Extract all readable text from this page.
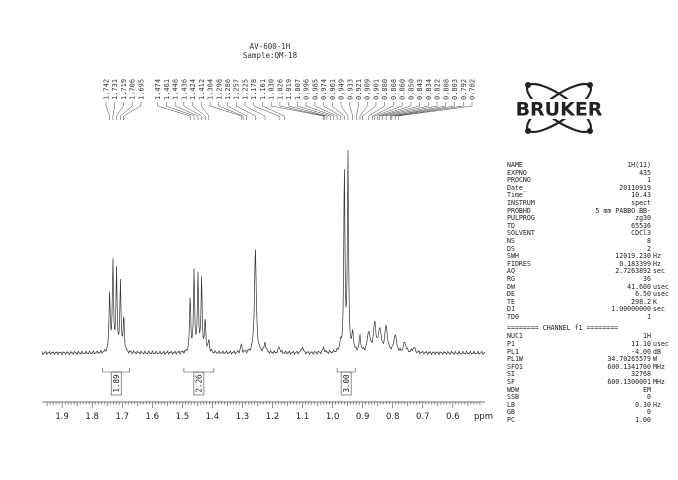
AV-600-1H
Sample:QM-18
1.9 1.8 1.7 1.6 1.5 1.4 1.3 1.2 1.1 1.0 0.9 0.8 0.7 0.6 ppm
1.742 1.731 1.719 1.706 1.695 1.474 1.461 1.448 1.436 1.424 1.412 1.304 1.298 1.286 1.257 1.225 1.178 1.161 1.030 1.026 1.019 1.007 0.996 0.985 0.974 0.961 0.949 0.933 0.921 0.909 0.901 0.880 0.868 0.860 0.850 0.843 0.834 0.822 0.808 0.803 0.792 0.782
1.89	2.26	3.00
BRUKER
NAME	1H(11)
EXPNO	435
PROCNO	1
Date_	20110919
Time	10.43
INSTRUM	spect
PROBHD	5 mm PABBO BB-
PULPROG	zg30
TD	65536
SOLVENT	CDCl3
NS	8
DS	2
SWH	12019.230 Hz
FIDRES	0.183399 Hz
AQ	2.7263892 sec
RG	36
DW	41.600 usec
DE	6.50 usec
TE	298.2 K
D1	1.00000000 sec
TD0	1
======== CHANNEL f1 ========
NUC1	1H
P1	11.10 usec
PL1	-4.00 dB
PL1W	34.70265579 W
SFO1	600.1341700 MHz
SI	32768
SF	600.1300001 MHz
WDW	EM
SSB	0
LB	0.30 Hz
GB	0
PC	1.00
